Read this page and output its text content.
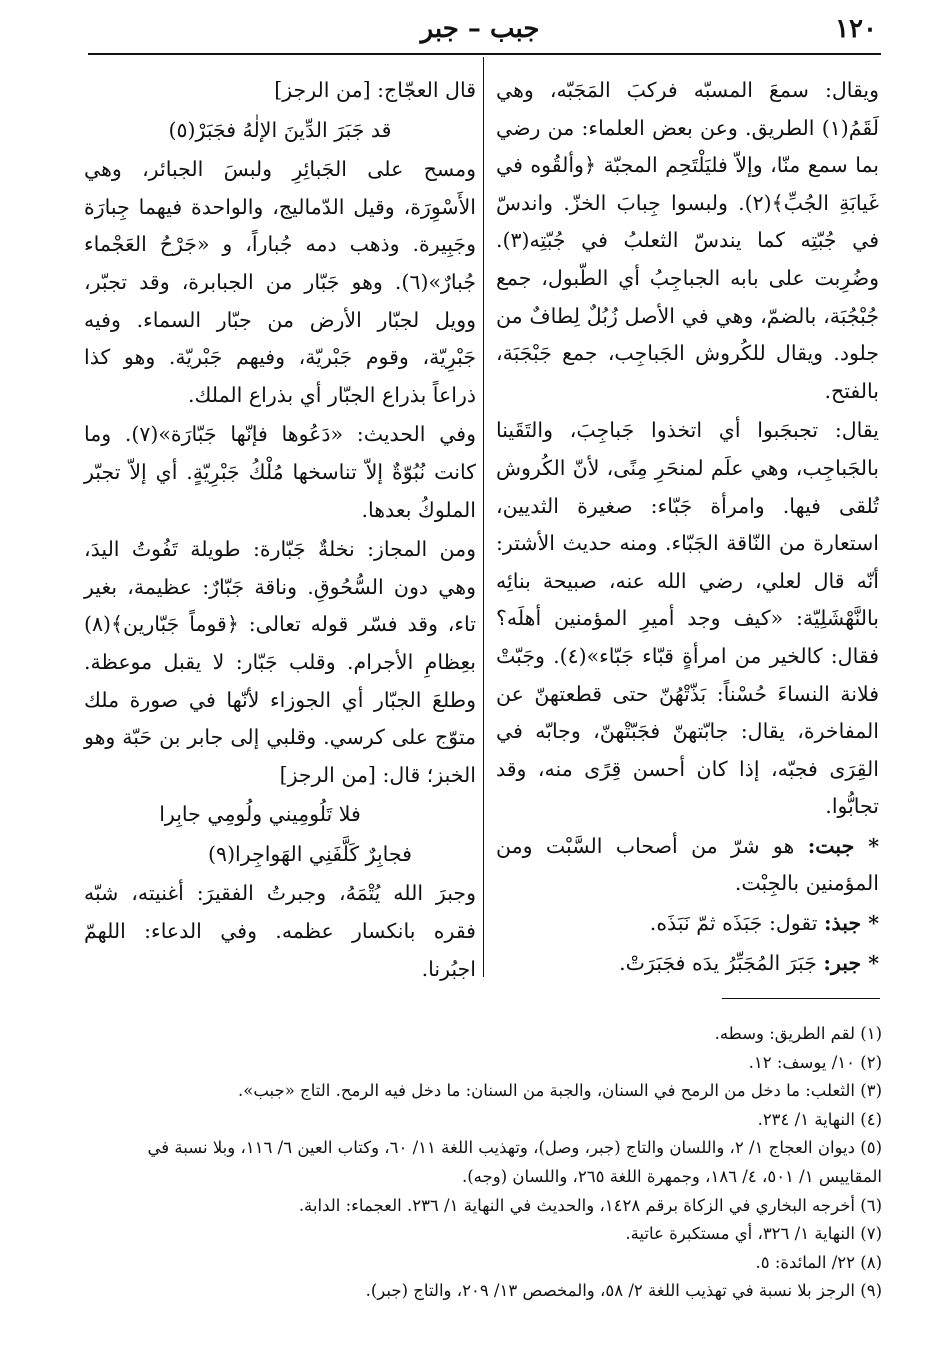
١٢٠
جبب – جبر

ويقال: سمعَ المسبّه فركبَ المَجَبّه، وهي لَقَمُ(١) الطريق. وعن بعض العلماء: من رضي بما سمع منّا، وإلاّ فليَلْتَحِم المجبّة ﴿وألقُوه في غَيابَةِ الجُبِّ﴾(٢). ولبسوا جِبابَ الخزّ. واندسّ في جُبّتِه كما يندسّ الثعلبُ في جُبّتِه(٣). وضُرِبت على بابه الجباجِبُ أي الطّبول، جمع جُبْجُبَة، بالضمّ، وهي في الأصل زُبُلٌ لِطافٌ من جلود. ويقال للكُروش الجَباجِب، جمع جَبْجَبَة، بالفتح.

يقال: تجبجَبوا أي اتخذوا جَباجِبَ، والتَقَينا بالجَباجِب، وهي علَم لمنحَرِ مِنًى، لأنّ الكُروش تُلقى فيها. وامرأة جَبّاء: صغيرة الثديين، استعارة من النّاقة الجَبّاء. ومنه حديث الأشتر: أنّه قال لعلي، رضي الله عنه، صبيحة بنائِه بالنَّهْشَلِيّة: «كيف وجد أميرِ المؤمنين أهلَه؟ فقال: كالخير من امرأةٍ قبّاء جَبّاء»(٤). وجَبّتْ فلانة النساءَ حُسْناً: بَذّتْهُنّ حتى قطعتهنّ عن المفاخرة، يقال: جابّتهنّ فجَبّتْهنّ، وجابّه في القِرَى فجبّه، إذا كان أحسن قِرًى منه، وقد تجابُّوا.

* جبت: هو شرّ من أصحاب السَّبْت ومن المؤمنين بالجِبْت.

* جبذ: تقول: جَبَذَه ثمّ نَبَذَه.

* جبر: جَبَرَ المُجَبِّرُ يدَه فجَبَرَتْ.

قال العجّاج: [من الرجز]

قد جَبَرَ الدِّينَ الإلٰهُ فجَبَرْ(٥)

ومسح على الجَبائِرِ ولبسَ الجبائر، وهي الأَسْوِرَة، وقيل الدّماليج، والواحدة فيهما جِبارَة وجَبِيرة. وذهب دمه جُباراً، و «جَرْحُ العَجْماء جُبارٌ»(٦). وهو جَبّار من الجبابرة، وقد تجبّر، وويل لجبّار الأرض من جبّار السماء. وفيه جَبْرِيّة، وقوم جَبْريّة، وفيهم جَبْريّة. وهو كذا ذراعاً بذراع الجبّار أي بذراع الملك.

وفي الحديث: «دَعُوها فإنّها جَبّارَة»(٧). وما كانت نُبُوّةٌ إلاّ تناسخها مُلْكُ جَبْرِيّةٍ. أي إلاّ تجبّر الملوكُ بعدها.

ومن المجاز: نخلةٌ جَبّارة: طويلة تَفُوتُ اليدَ، وهي دون السُّحُوقِ. وناقة جَبّارٌ: عظيمة، بغير تاء، وقد فسّر قوله تعالى: ﴿قوماً جَبّارين﴾(٨) بعِظامِ الأجرام. وقلب جَبّار: لا يقبل موعظة. وطلعَ الجبّار أي الجوزاء لأنّها في صورة ملك متوّج على كرسي. وقلبي إلى جابر بن حَبّة وهو الخبز؛ قال: [من الرجز]

فلا تَلُومِيني ولُومِي جابِرا

فجابِرٌ كَلَّفَنِي الهَواجِرا(٩)

وجبرَ الله يُتْمَهُ، وجبرتُ الفقيرَ: أغنيته، شبّه فقره بانكسار عظمه. وفي الدعاء: اللهمّ اجبُرنا.

(١) لقم الطريق: وسطه.

(٢) ١٠/ يوسف: ١٢.

(٣) الثعلب: ما دخل من الرمح في السنان، والجبة من السنان: ما دخل فيه الرمح. التاج «جبب».

(٤) النهاية ١/ ٢٣٤.

(٥) ديوان العجاج ١/ ٢، واللسان والتاج (جبر، وصل)، وتهذيب اللغة ١١/ ٦٠، وكتاب العين ٦/ ١١٦، وبلا نسبة في المقاييس ١/ ٥٠١، ٤/ ١٨٦، وجمهرة اللغة ٢٦٥، واللسان (وجه).

(٦) أخرجه البخاري في الزكاة برقم ١٤٢٨، والحديث في النهاية ١/ ٢٣٦. العجماء: الدابة.

(٧) النهاية ١/ ٣٢٦، أي مستكبرة عاتية.

(٨) ٢٢/ المائدة: ٥.

(٩) الرجز بلا نسبة في تهذيب اللغة ٢/ ٥٨، والمخصص ١٣/ ٢٠٩، والتاج (جبر).
